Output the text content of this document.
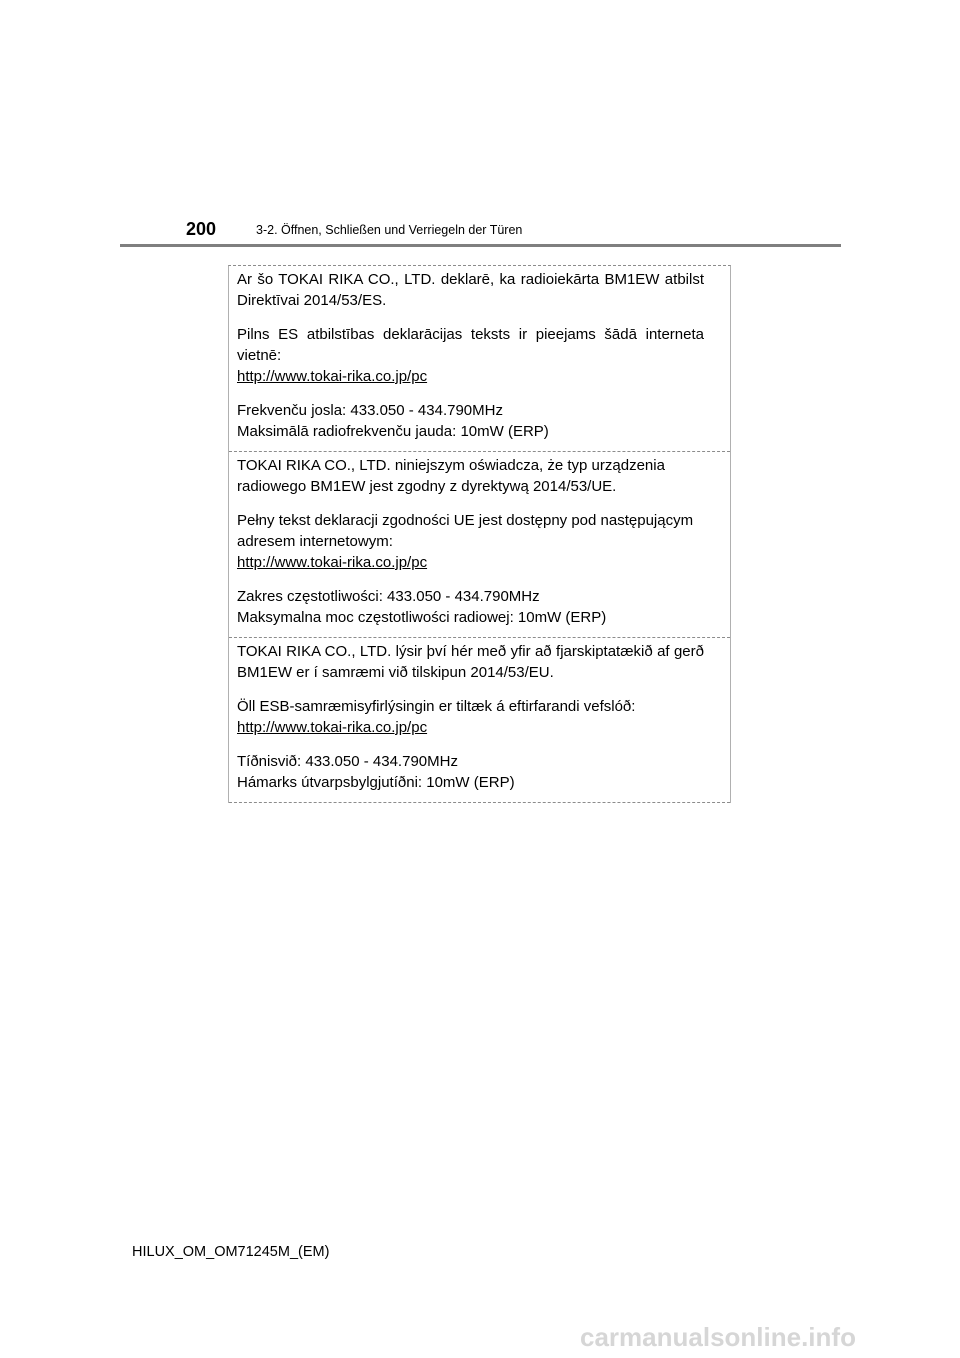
200	3-2. Öffnen, Schließen und Verriegeln der Türen

Ar šo TOKAI RIKA CO., LTD. deklarē, ka radioiekārta BM1EW atbilst Direktīvai 2014/53/ES.

Pilns ES atbilstības deklarācijas teksts ir pieejams šādā interneta vietnē:

http://www.tokai-rika.co.jp/pc

Frekvenču josla: 433.050 - 434.790MHz

Maksimālā radiofrekvenču jauda: 10mW (ERP)

TOKAI RIKA CO., LTD. niniejszym oświadcza, że typ urządzenia radiowego BM1EW jest zgodny z dyrektywą 2014/53/UE.

Pełny tekst deklaracji zgodności UE jest dostępny pod następującym adresem internetowym:

http://www.tokai-rika.co.jp/pc

Zakres częstotliwości: 433.050 - 434.790MHz

Maksymalna moc częstotliwości radiowej: 10mW (ERP)

TOKAI RIKA CO., LTD. lýsir því hér með yfir að fjarskiptatækið af gerð BM1EW er í samræmi við tilskipun 2014/53/EU.

Öll ESB-samræmisyfirlýsingin er tiltæk á eftirfarandi vefslóð:

http://www.tokai-rika.co.jp/pc

Tíðnisvið: 433.050 - 434.790MHz

Hámarks útvarpsbylgjutíðni: 10mW (ERP)

HILUX_OM_OM71245M_(EM)
carmanualsonline.info
